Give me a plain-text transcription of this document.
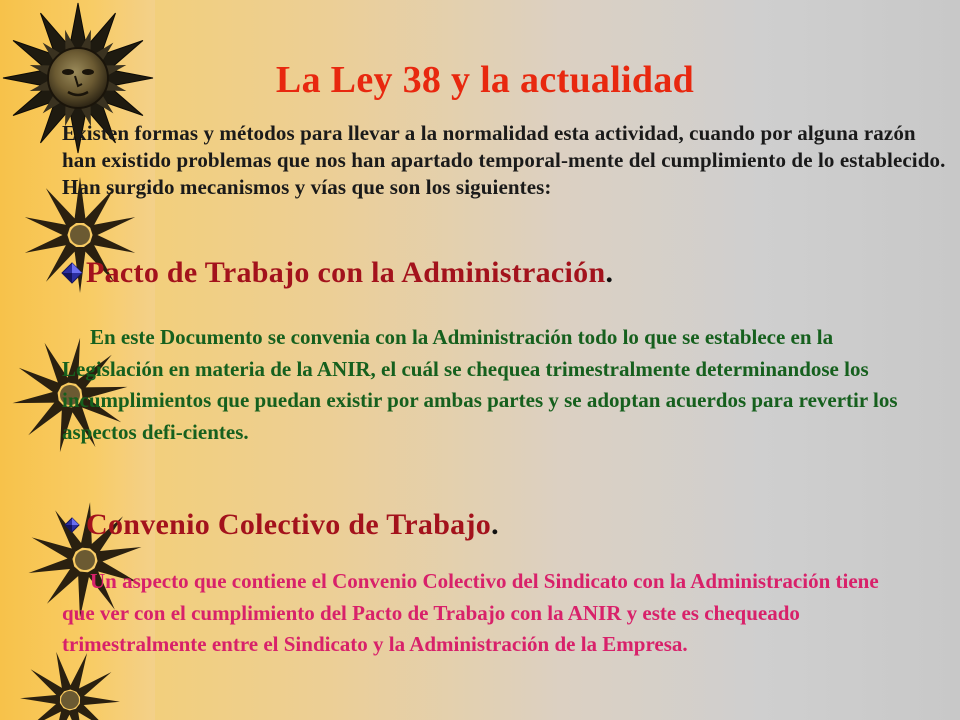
La Ley 38 y la actualidad

Existen formas y métodos para llevar a la normalidad esta actividad, cuando por alguna razón han existido problemas que nos han apartado temporal-mente del cumplimiento de lo establecido. Han surgido mecanismos y vías que son los siguientes:

Pacto de Trabajo con la Administración .

En este Documento se convenia con la Administración todo lo que se establece en la Legislación en materia de la ANIR, el cuál se chequea trimestralmente determinandose los incumplimientos que puedan existir por ambas partes y se adoptan acuerdos para revertir los aspectos defi-cientes.

Convenio Colectivo de Trabajo .

Un aspecto que contiene el Convenio Colectivo del Sindicato con la Administración tiene que ver con el cumplimiento del Pacto de Trabajo con la ANIR y este es chequeado trimestralmente entre el Sindicato y la Administración de la Empresa.
